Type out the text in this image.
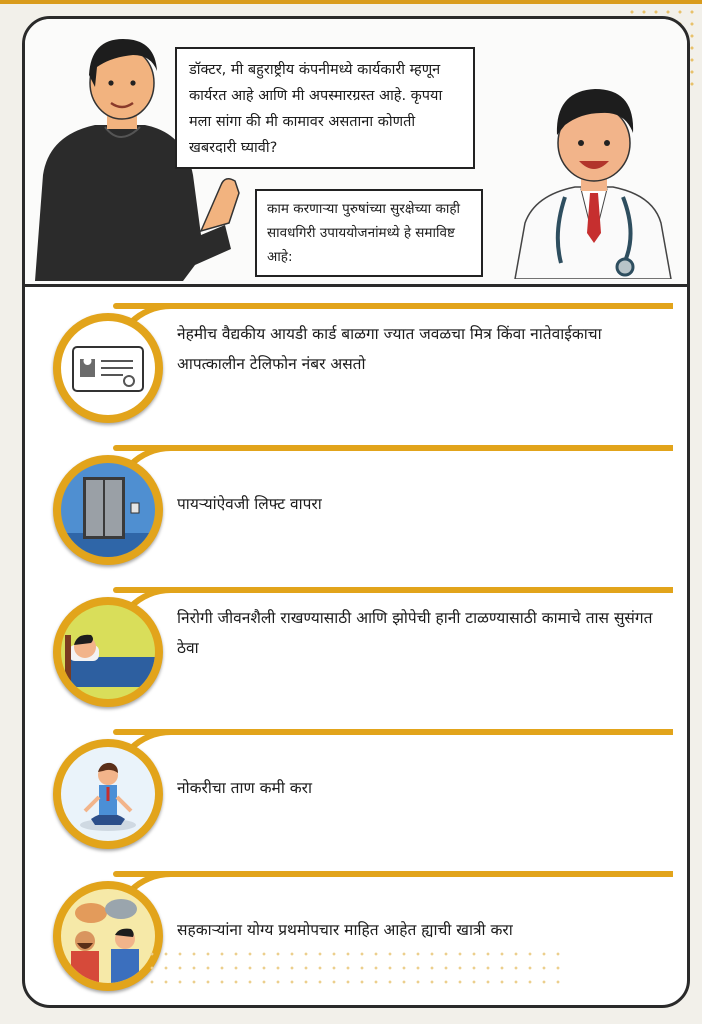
डॉक्टर, मी बहुराष्ट्रीय कंपनीमध्ये कार्यकारी म्हणून कार्यरत आहे आणि मी अपस्मारग्रस्त आहे. कृपया मला सांगा की मी कामावर असताना कोणती खबरदारी घ्यावी?
काम करणाऱ्या पुरुषांच्या सुरक्षेच्या काही सावधगिरी उपाययोजनांमध्ये हे समाविष्ट आहे:
नेहमीच वैद्यकीय आयडी कार्ड बाळगा ज्यात जवळचा मित्र किंवा नातेवाईकाचा आपत्कालीन टेलिफोन नंबर असतो
पायऱ्यांऐवजी लिफ्ट वापरा
निरोगी जीवनशैली राखण्यासाठी आणि झोपेची हानी टाळण्यासाठी कामाचे तास सुसंगत ठेवा
नोकरीचा ताण कमी करा
सहकाऱ्यांना योग्य प्रथमोपचार माहित आहेत ह्याची खात्री करा
